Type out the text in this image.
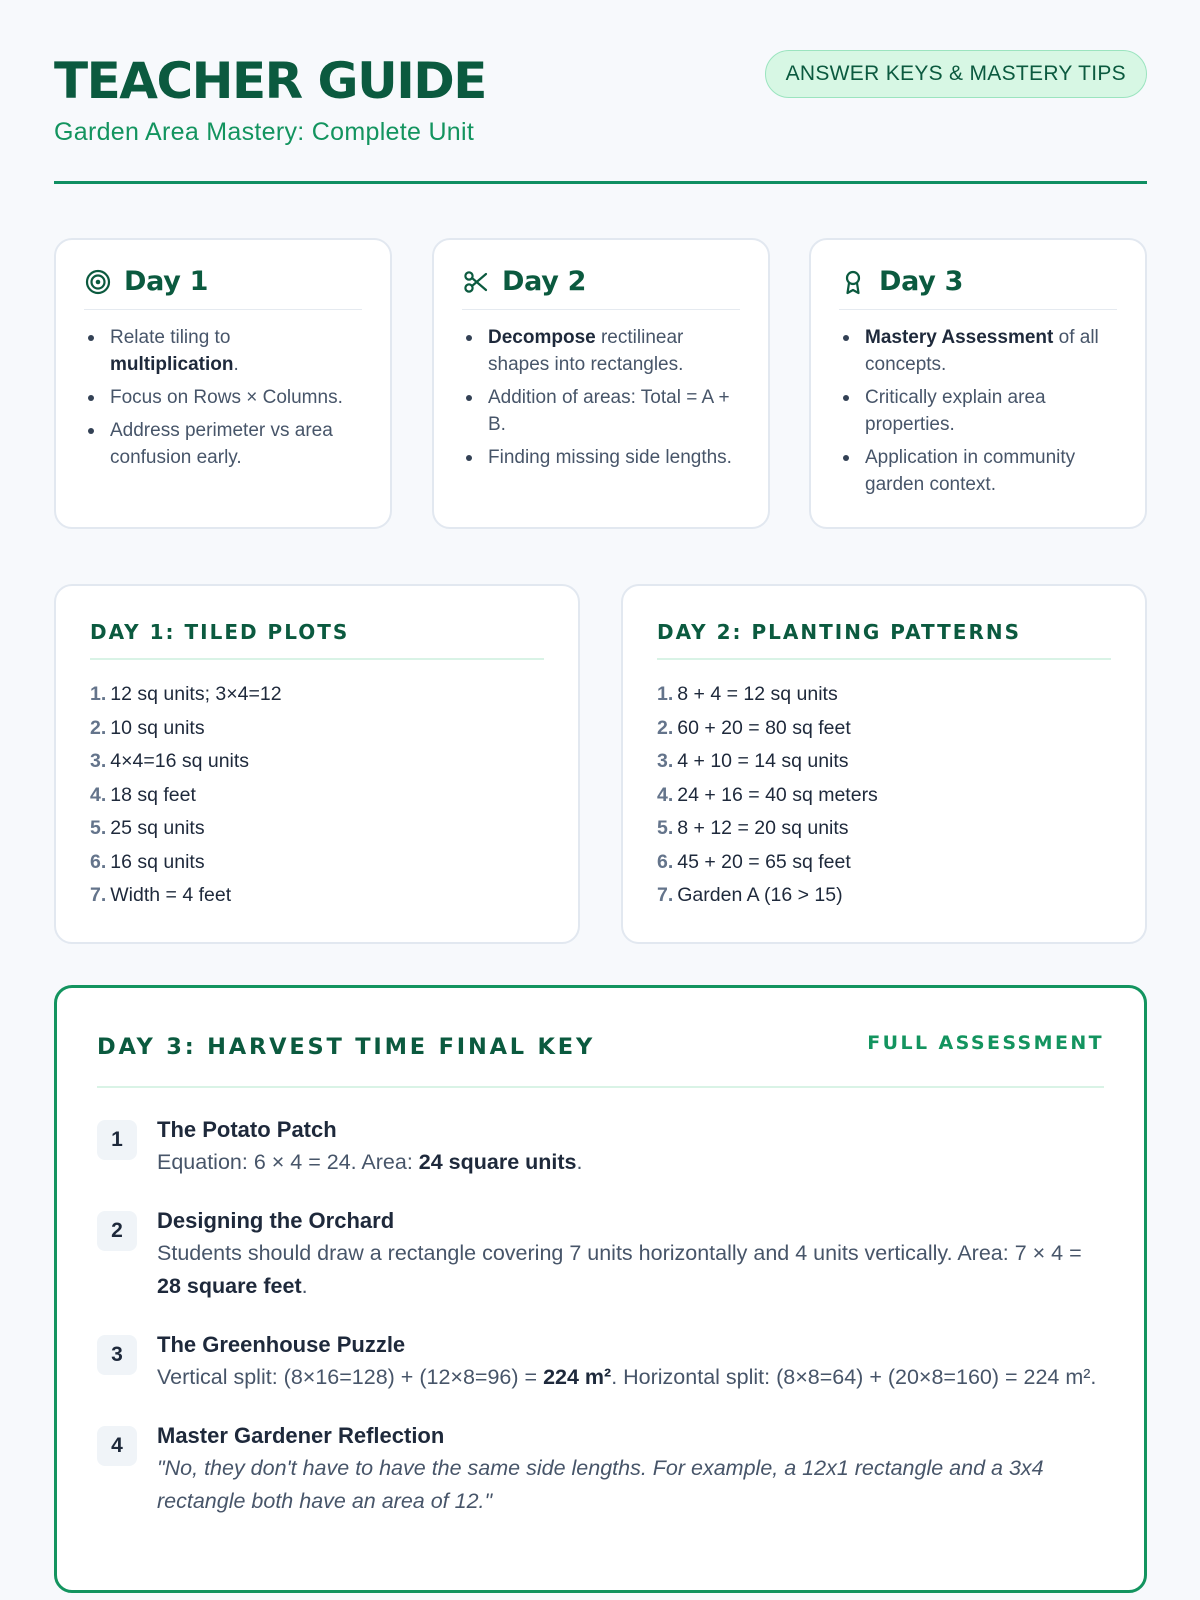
TEACHER GUIDE
Garden Area Mastery: Complete Unit
ANSWER KEYS & MASTERY TIPS
Day 1
Relate tiling to multiplication.
Focus on Rows × Columns.
Address perimeter vs area confusion early.
Day 2
Decompose rectilinear shapes into rectangles.
Addition of areas: Total = A + B.
Finding missing side lengths.
Day 3
Mastery Assessment of all concepts.
Critically explain area properties.
Application in community garden context.
DAY 1: TILED PLOTS
1. 12 sq units; 3×4=12
2. 10 sq units
3. 4×4=16 sq units
4. 18 sq feet
5. 25 sq units
6. 16 sq units
7. Width = 4 feet
DAY 2: PLANTING PATTERNS
1. 8 + 4 = 12 sq units
2. 60 + 20 = 80 sq feet
3. 4 + 10 = 14 sq units
4. 24 + 16 = 40 sq meters
5. 8 + 12 = 20 sq units
6. 45 + 20 = 65 sq feet
7. Garden A (16 > 15)
DAY 3: HARVEST TIME FINAL KEY	FULL ASSESSMENT
1	The Potato Patch
Equation: 6 × 4 = 24. Area: 24 square units.
2	Designing the Orchard
Students should draw a rectangle covering 7 units horizontally and 4 units vertically. Area: 7 × 4 = 28 square feet.
3	The Greenhouse Puzzle
Vertical split: (8×16=128) + (12×8=96) = 224 m². Horizontal split: (8×8=64) + (20×8=160) = 224 m².
4	Master Gardener Reflection
"No, they don't have to have the same side lengths. For example, a 12x1 rectangle and a 3x4 rectangle both have an area of 12."
